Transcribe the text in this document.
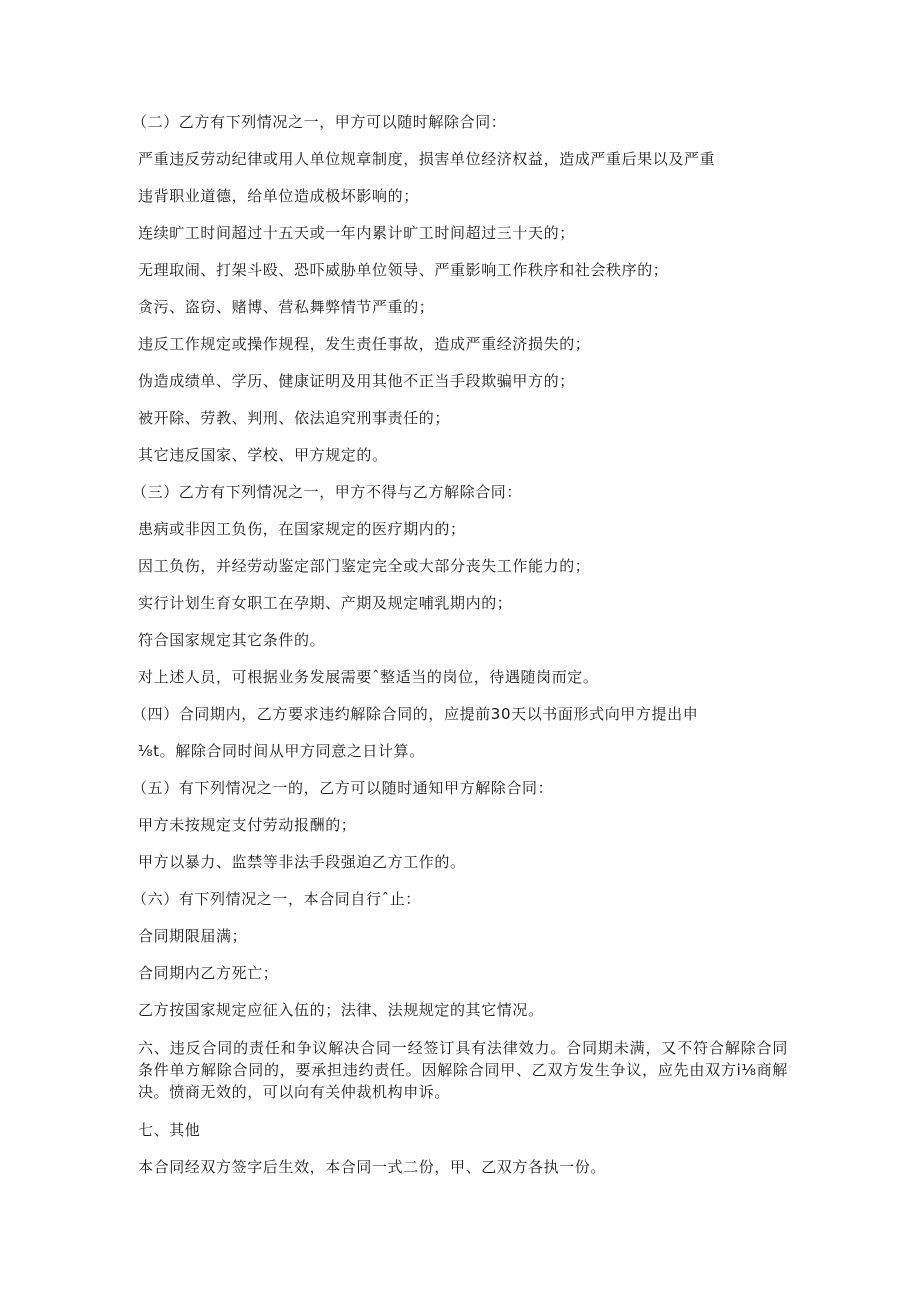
（二）乙方有下列情况之一，甲方可以随时解除合同：
严重违反劳动纪律或用人单位规章制度，损害单位经济权益，造成严重后果以及严重
违背职业道德，给单位造成极坏影响的；
连续旷工时间超过十五天或一年内累计旷工时间超过三十天的；
无理取闹、打架斗殴、恐吓威胁单位领导、严重影响工作秩序和社会秩序的；
贪污、盗窃、赌博、营私舞弊情节严重的；
违反工作规定或操作规程，发生责任事故，造成严重经济损失的；
伪造成绩单、学历、健康证明及用其他不正当手段欺骗甲方的；
被开除、劳教、判刑、依法追究刑事责任的；
其它违反国家、学校、甲方规定的。
（三）乙方有下列情况之一，甲方不得与乙方解除合同：
患病或非因工负伤，在国家规定的医疗期内的；
因工负伤，并经劳动鉴定部门鉴定完全或大部分丧失工作能力的；
实行计划生育女职工在孕期、产期及规定哺乳期内的；
符合国家规定其它条件的。
对上述人员，可根据业务发展需要ˆ整适当的岗位，待遇随岗而定。
（四）合同期内，乙方要求违约解除合同的，应提前30天以书面形式向甲方提出申
⅛t。解除合同时间从甲方同意之日计算。
（五）有下列情况之一的，乙方可以随时通知甲方解除合同：
甲方未按规定支付劳动报酬的；
甲方以暴力、监禁等非法手段强迫乙方工作的。
（六）有下列情况之一，本合同自行ˆ止：
合同期限届满；
合同期内乙方死亡；
乙方按国家规定应征入伍的；法律、法规规定的其它情况。
六、违反合同的责任和争议解决合同一经签订具有法律效力。合同期未满，又不符合解除合同条件单方解除合同的，要承担违约责任。因解除合同甲、乙双方发生争议，应先由双方i⅛商解决。愤商无效的，可以向有关仲裁机构申诉。
七、其他
本合同经双方签字后生效，本合同一式二份，甲、乙双方各执一份。
